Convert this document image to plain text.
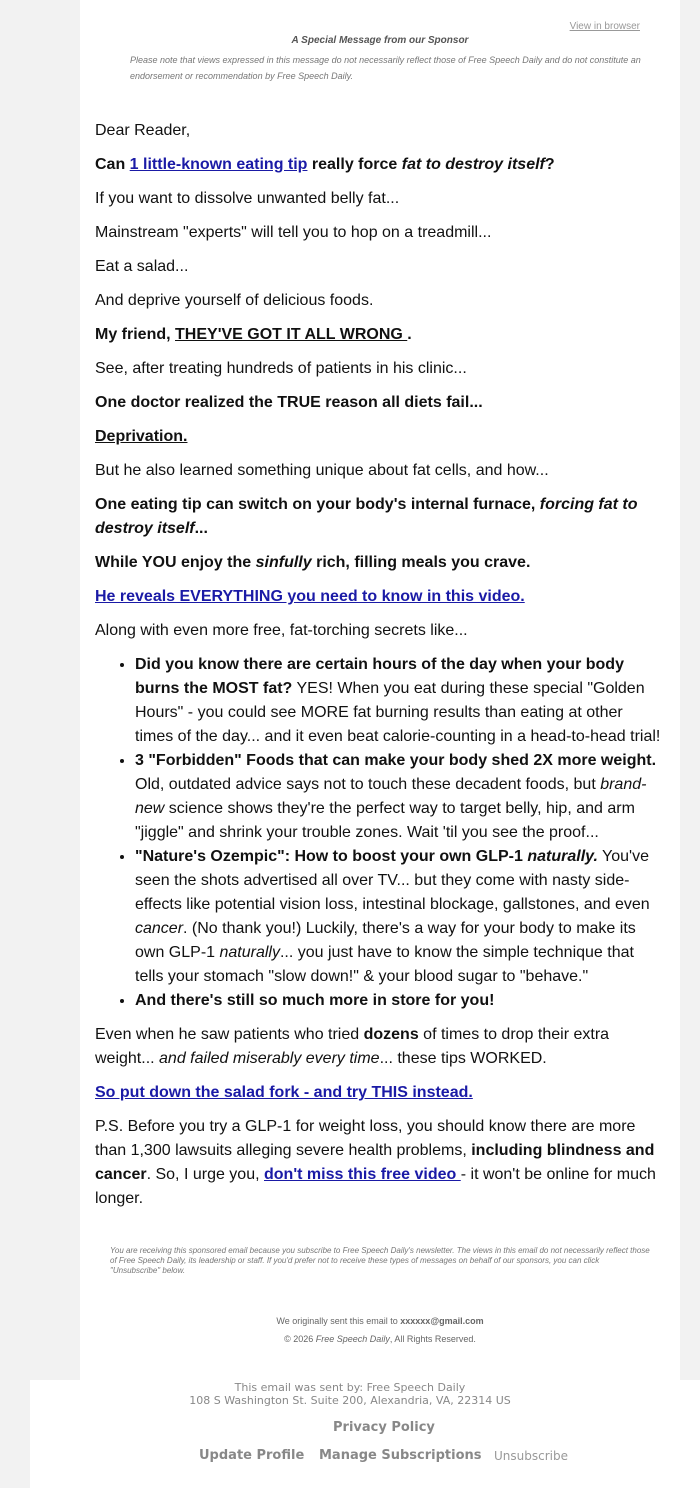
View in browser
A Special Message from our Sponsor
Please note that views expressed in this message do not necessarily reflect those of Free Speech Daily and do not constitute an endorsement or recommendation by Free Speech Daily.

Dear Reader,

Can 1 little-known eating tip really force fat to destroy itself?

If you want to dissolve unwanted belly fat...

Mainstream "experts" will tell you to hop on a treadmill...

Eat a salad...

And deprive yourself of delicious foods.

My friend, THEY'VE GOT IT ALL WRONG .

See, after treating hundreds of patients in his clinic...

One doctor realized the TRUE reason all diets fail...

Deprivation.

But he also learned something unique about fat cells, and how...

One eating tip can switch on your body's internal furnace, forcing fat to destroy itself...

While YOU enjoy the sinfully rich, filling meals you crave.

He reveals EVERYTHING you need to know in this video.

Along with even more free, fat-torching secrets like...

• Did you know there are certain hours of the day when your body burns the MOST fat? YES! When you eat during these special "Golden Hours" - you could see MORE fat burning results than eating at other times of the day... and it even beat calorie-counting in a head-to-head trial!
• 3 "Forbidden" Foods that can make your body shed 2X more weight. Old, outdated advice says not to touch these decadent foods, but brand-new science shows they're the perfect way to target belly, hip, and arm "jiggle" and shrink your trouble zones. Wait 'til you see the proof...
• "Nature's Ozempic": How to boost your own GLP-1 naturally. You've seen the shots advertised all over TV... but they come with nasty side-effects like potential vision loss, intestinal blockage, gallstones, and even cancer. (No thank you!) Luckily, there's a way for your body to make its own GLP-1 naturally... you just have to know the simple technique that tells your stomach "slow down!" & your blood sugar to "behave."
• And there's still so much more in store for you!

Even when he saw patients who tried dozens of times to drop their extra weight... and failed miserably every time... these tips WORKED.

So put down the salad fork - and try THIS instead.

P.S. Before you try a GLP-1 for weight loss, you should know there are more than 1,300 lawsuits alleging severe health problems, including blindness and cancer. So, I urge you, don't miss this free video - it won't be online for much longer.

You are receiving this sponsored email because you subscribe to Free Speech Daily's newsletter. The views in this email do not necessarily reflect those of Free Speech Daily, its leadership or staff. If you'd prefer not to receive these types of messages on behalf of our sponsors, you can click "Unsubscribe" below.
We originally sent this email to xxxxxx@gmail.com
© 2026 Free Speech Daily, All Rights Reserved.
This email was sent by: Free Speech Daily
108 S Washington St. Suite 200, Alexandria, VA, 22314 US
Privacy Policy
Update Profile Manage Subscriptions Unsubscribe
